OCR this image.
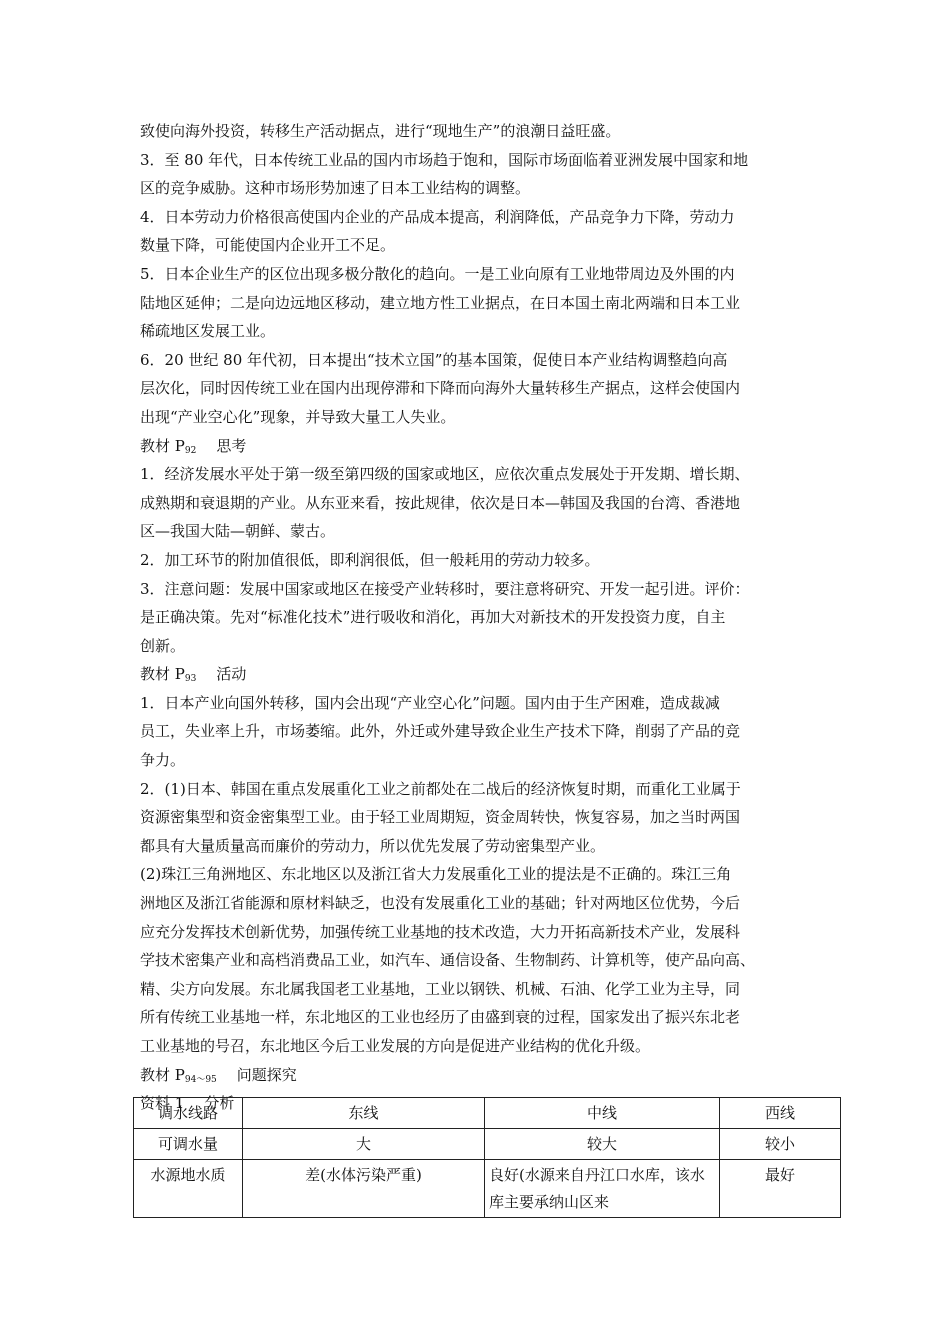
致使向海外投资，转移生产活动据点，进行“现地生产”的浪潮日益旺盛。
3．至 80 年代，日本传统工业品的国内市场趋于饱和，国际市场面临着亚洲发展中国家和地
区的竞争威胁。这种市场形势加速了日本工业结构的调整。
4．日本劳动力价格很高使国内企业的产品成本提高，利润降低，产品竞争力下降，劳动力
数量下降，可能使国内企业开工不足。
5．日本企业生产的区位出现多极分散化的趋向。一是工业向原有工业地带周边及外围的内
陆地区延伸；二是向边远地区移动，建立地方性工业据点，在日本国土南北两端和日本工业
稀疏地区发展工业。
6．20 世纪 80 年代初，日本提出“技术立国”的基本国策，促使日本产业结构调整趋向高
层次化，同时因传统工业在国内出现停滞和下降而向海外大量转移生产据点，这样会使国内
出现“产业空心化”现象，并导致大量工人失业。
教材 $P_{92}$ 思考
1．经济发展水平处于第一级至第四级的国家或地区，应依次重点发展处于开发期、增长期、
成熟期和衰退期的产业。从东亚来看，按此规律，依次是日本—韩国及我国的台湾、香港地
区—我国大陆—朝鲜、蒙古。
2．加工环节的附加值很低，即利润很低，但一般耗用的劳动力较多。
3．注意问题：发展中国家或地区在接受产业转移时，要注意将研究、开发一起引进。评价：
是正确决策。先对“标准化技术”进行吸收和消化，再加大对新技术的开发投资力度，自主
创新。
教材 $P_{93}$ 活动
1．日本产业向国外转移，国内会出现“产业空心化”问题。国内由于生产困难，造成裁减
员工，失业率上升，市场萎缩。此外，外迁或外建导致企业生产技术下降，削弱了产品的竞
争力。
2．(1)日本、韩国在重点发展重化工业之前都处在二战后的经济恢复时期，而重化工业属于
资源密集型和资金密集型工业。由于轻工业周期短，资金周转快，恢复容易，加之当时两国
都具有大量质量高而廉价的劳动力，所以优先发展了劳动密集型产业。
(2)珠江三角洲地区、东北地区以及浙江省大力发展重化工业的提法是不正确的。珠江三角
洲地区及浙江省能源和原材料缺乏，也没有发展重化工业的基础；针对两地区位优势，今后
应充分发挥技术创新优势，加强传统工业基地的技术改造，大力开拓高新技术产业，发展科
学技术密集产业和高档消费品工业，如汽车、通信设备、生物制药、计算机等，使产品向高、
精、尖方向发展。东北属我国老工业基地，工业以钢铁、机械、石油、化学工业为主导，同
所有传统工业基地一样，东北地区的工业也经历了由盛到衰的过程，国家发出了振兴东北老
工业基地的号召，东北地区今后工业发展的方向是促进产业结构的优化升级。
教材 $P_{94\sim 95}$ 问题探究
资料 1 分析
调水线路	东线	中线	西线
可调水量	大	较大	较小
水源地水质	差(水体污染严重)	良好(水源来自丹江口水库，该水库主要承纳山区来	最好
